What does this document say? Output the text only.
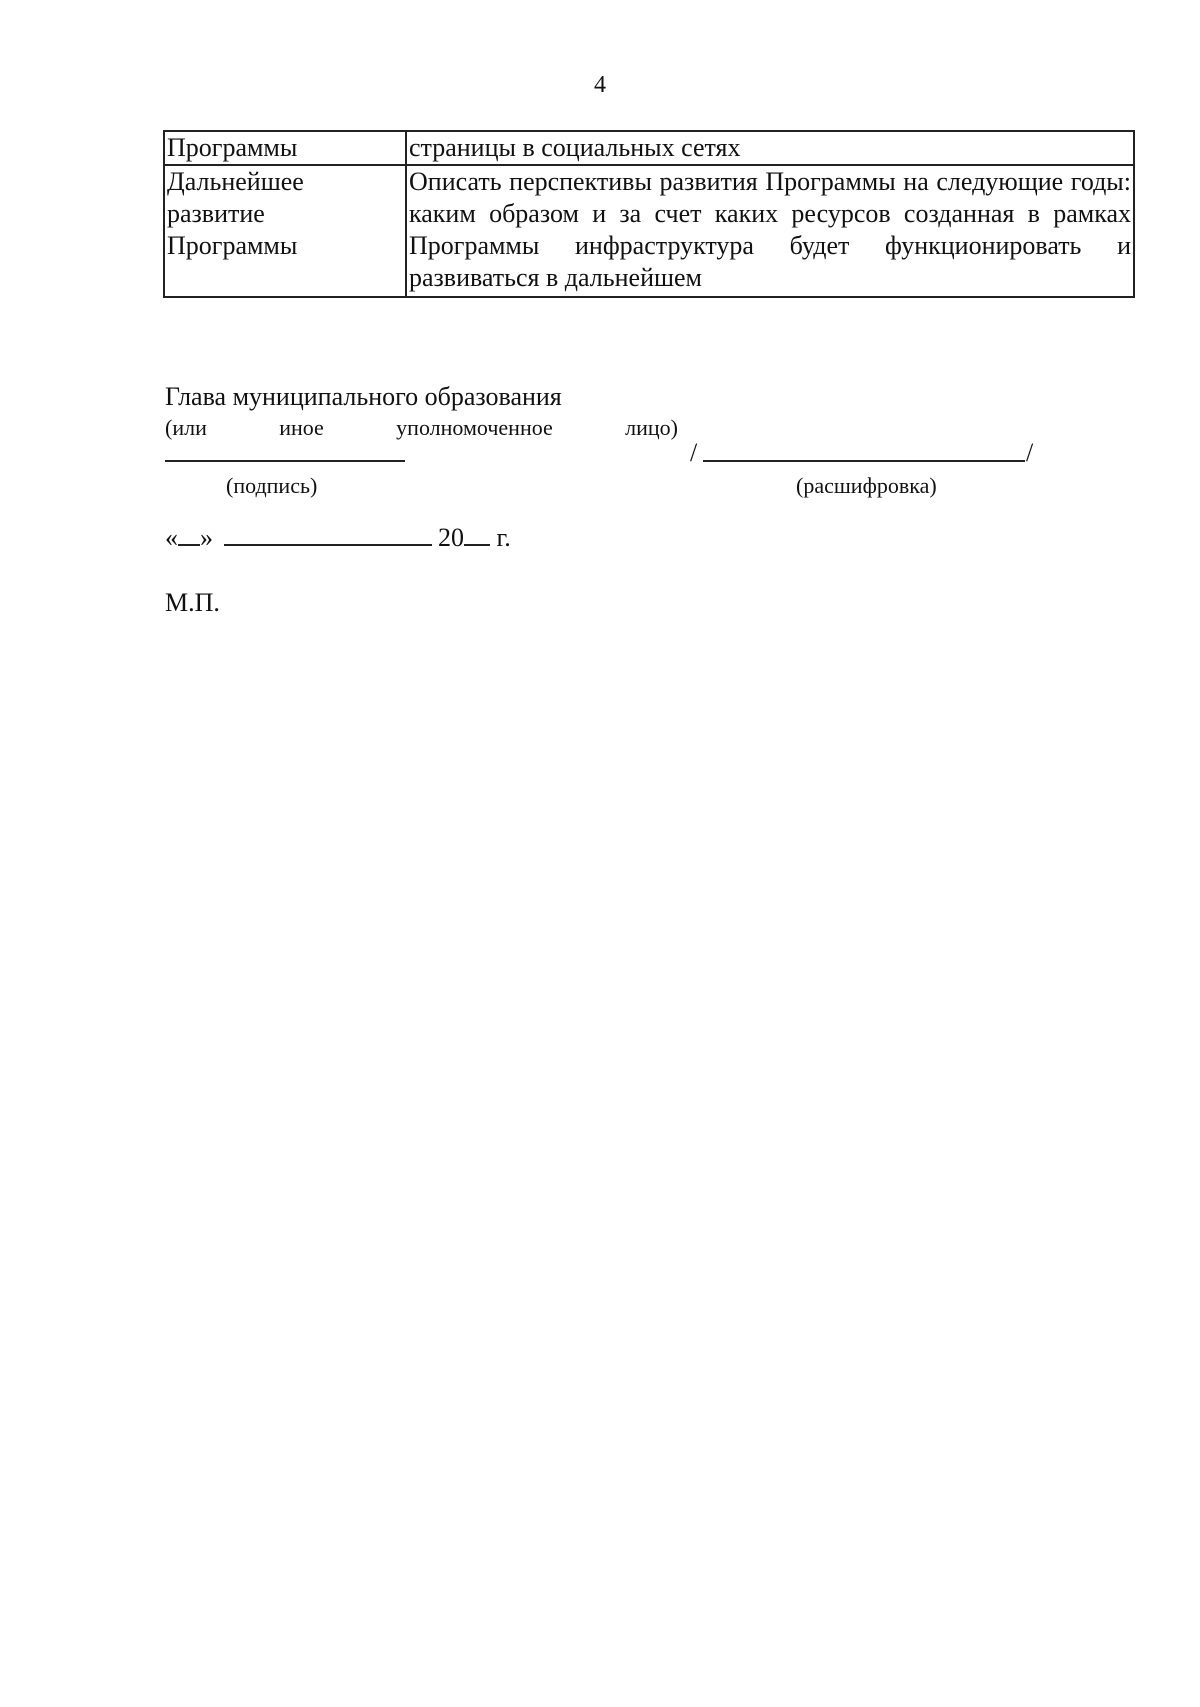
4
Программы	страницы в социальных сетях

Дальнейшее
развитие
Программы	Описать перспективы развития Программы на следующие годы: каким образом и за счет каких ресурсов созданная в рамках Программы инфраструктура будет функционировать и развиваться в дальнейшем
Глава муниципального образования
(или	иное	уполномоченное	лицо)
/	/
(подпись)	(расшифровка)
« »	20 г.
М.П.
